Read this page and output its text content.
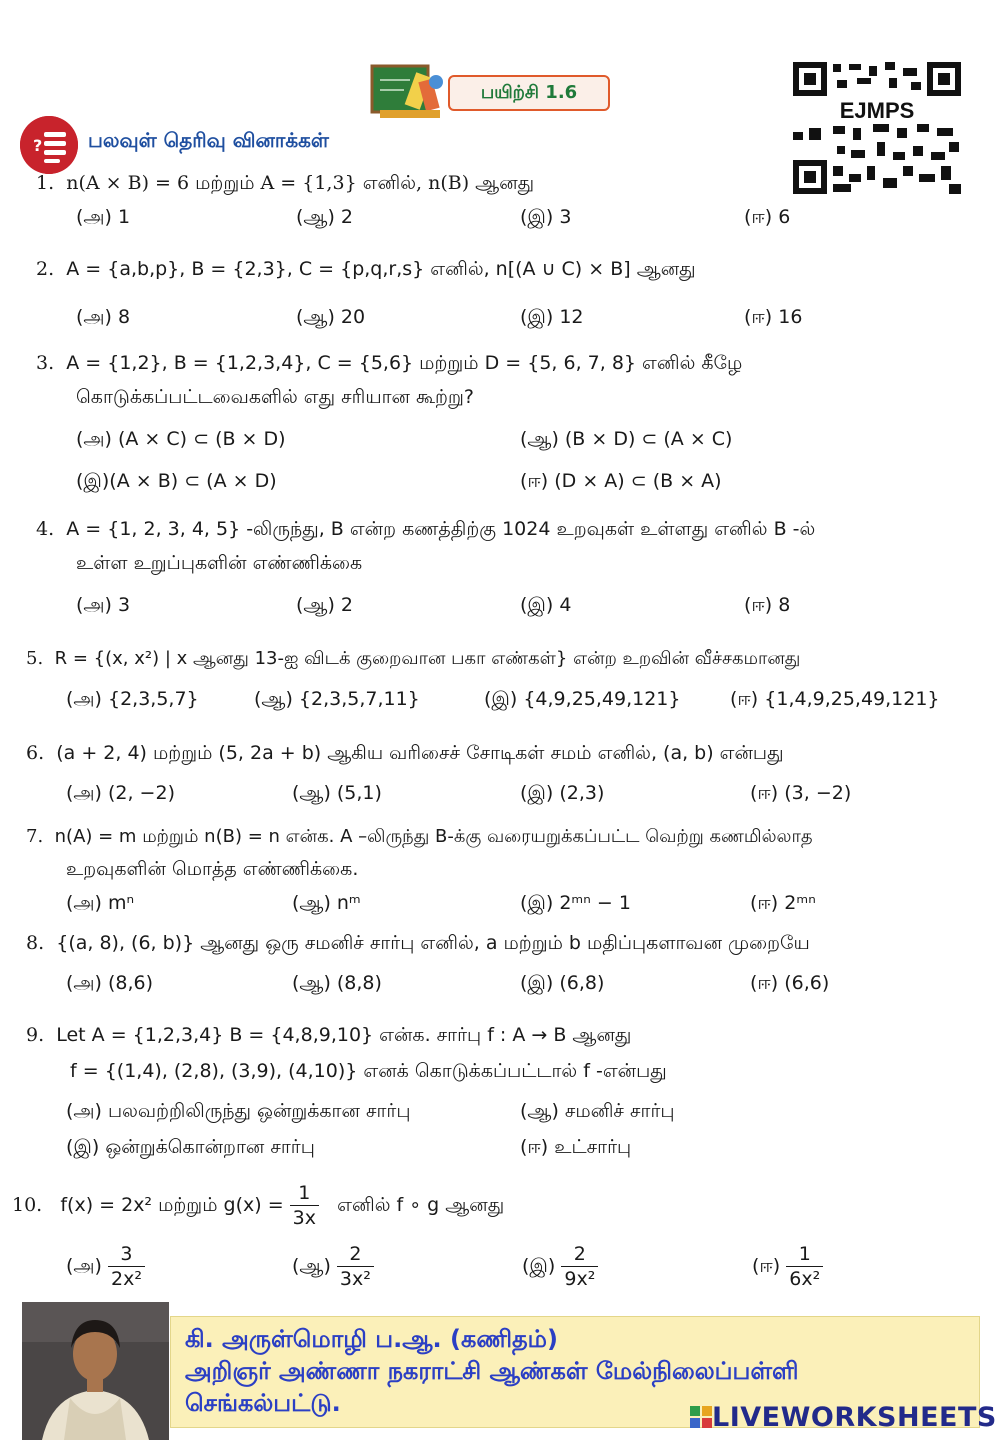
பயிற்சி 1.6
EJMPS
? பலவுள் தெரிவு வினாக்கள்
1. n(A × B) = 6 மற்றும் A = {1,3} எனில், n(B) ஆனது
(அ) 1	(ஆ) 2	(இ) 3	(ஈ) 6
2. A = {a,b,p}, B = {2,3}, C = {p,q,r,s} எனில், n[(A ∪ C) × B] ஆனது
(அ) 8	(ஆ) 20	(இ) 12	(ஈ) 16
3. A = {1,2}, B = {1,2,3,4}, C = {5,6} மற்றும் D = {5, 6, 7, 8} எனில் கீழே
கொடுக்கப்பட்டவைகளில் எது சரியான கூற்று?
(அ) (A × C) ⊂ (B × D)	(ஆ) (B × D) ⊂ (A × C)
(இ)(A × B) ⊂ (A × D)	(ஈ) (D × A) ⊂ (B × A)
4. A = {1, 2, 3, 4, 5} -லிருந்து, B என்ற கணத்திற்கு 1024 உறவுகள் உள்ளது எனில் B -ல்
உள்ள உறுப்புகளின் எண்ணிக்கை
(அ) 3	(ஆ) 2	(இ) 4	(ஈ) 8
5. R = {(x, x²) | x ஆனது 13-ஐ விடக் குறைவான பகா எண்கள்} என்ற உறவின் வீச்சகமானது
(அ) {2,3,5,7}	(ஆ) {2,3,5,7,11}	(இ) {4,9,25,49,121}	(ஈ) {1,4,9,25,49,121}
6. (a + 2, 4) மற்றும் (5, 2a + b) ஆகிய வரிசைச் சோடிகள் சமம் எனில், (a, b) என்பது
(அ) (2, −2)	(ஆ) (5,1)	(இ) (2,3)	(ஈ) (3, −2)
7. n(A) = m மற்றும் n(B) = n என்க. A –லிருந்து B-க்கு வரையறுக்கப்பட்ட வெற்று கணமில்லாத
உறவுகளின் மொத்த எண்ணிக்கை.
(அ) mⁿ	(ஆ) nᵐ	(இ) 2ᵐⁿ − 1	(ஈ) 2ᵐⁿ
8. {(a, 8), (6, b)} ஆனது ஒரு சமனிச் சார்பு எனில், a மற்றும் b மதிப்புகளாவன முறையே
(அ) (8,6)	(ஆ) (8,8)	(இ) (6,8)	(ஈ) (6,6)
9. Let A = {1,2,3,4} B = {4,8,9,10} என்க. சார்பு f : A → B ஆனது
f = {(1,4), (2,8), (3,9), (4,10)} எனக் கொடுக்கப்பட்டால் f -என்பது
(அ) பலவற்றிலிருந்து ஒன்றுக்கான சார்பு	(ஆ) சமனிச் சார்பு
(இ) ஒன்றுக்கொன்றான சார்பு	(ஈ) உட்சார்பு
10. f(x) = 2x² மற்றும் $g(x) = \frac{1}{3x}$ எனில் f ∘ g ஆனது
(அ) $\frac{3}{\text{2x²}}$	(ஆ) $\frac{2}{\text{3x²}}$	(இ) $\frac{2}{\text{9x²}}$	(ஈ) $\frac{1}{\text{6x²}}$
கி. அருள்மொழி ப.ஆ. (கணிதம்)
அறிஞர் அண்ணா நகராட்சி ஆண்கள் மேல்நிலைப்பள்ளி
செங்கல்பட்டு.	LIVEWORKSHEETS
